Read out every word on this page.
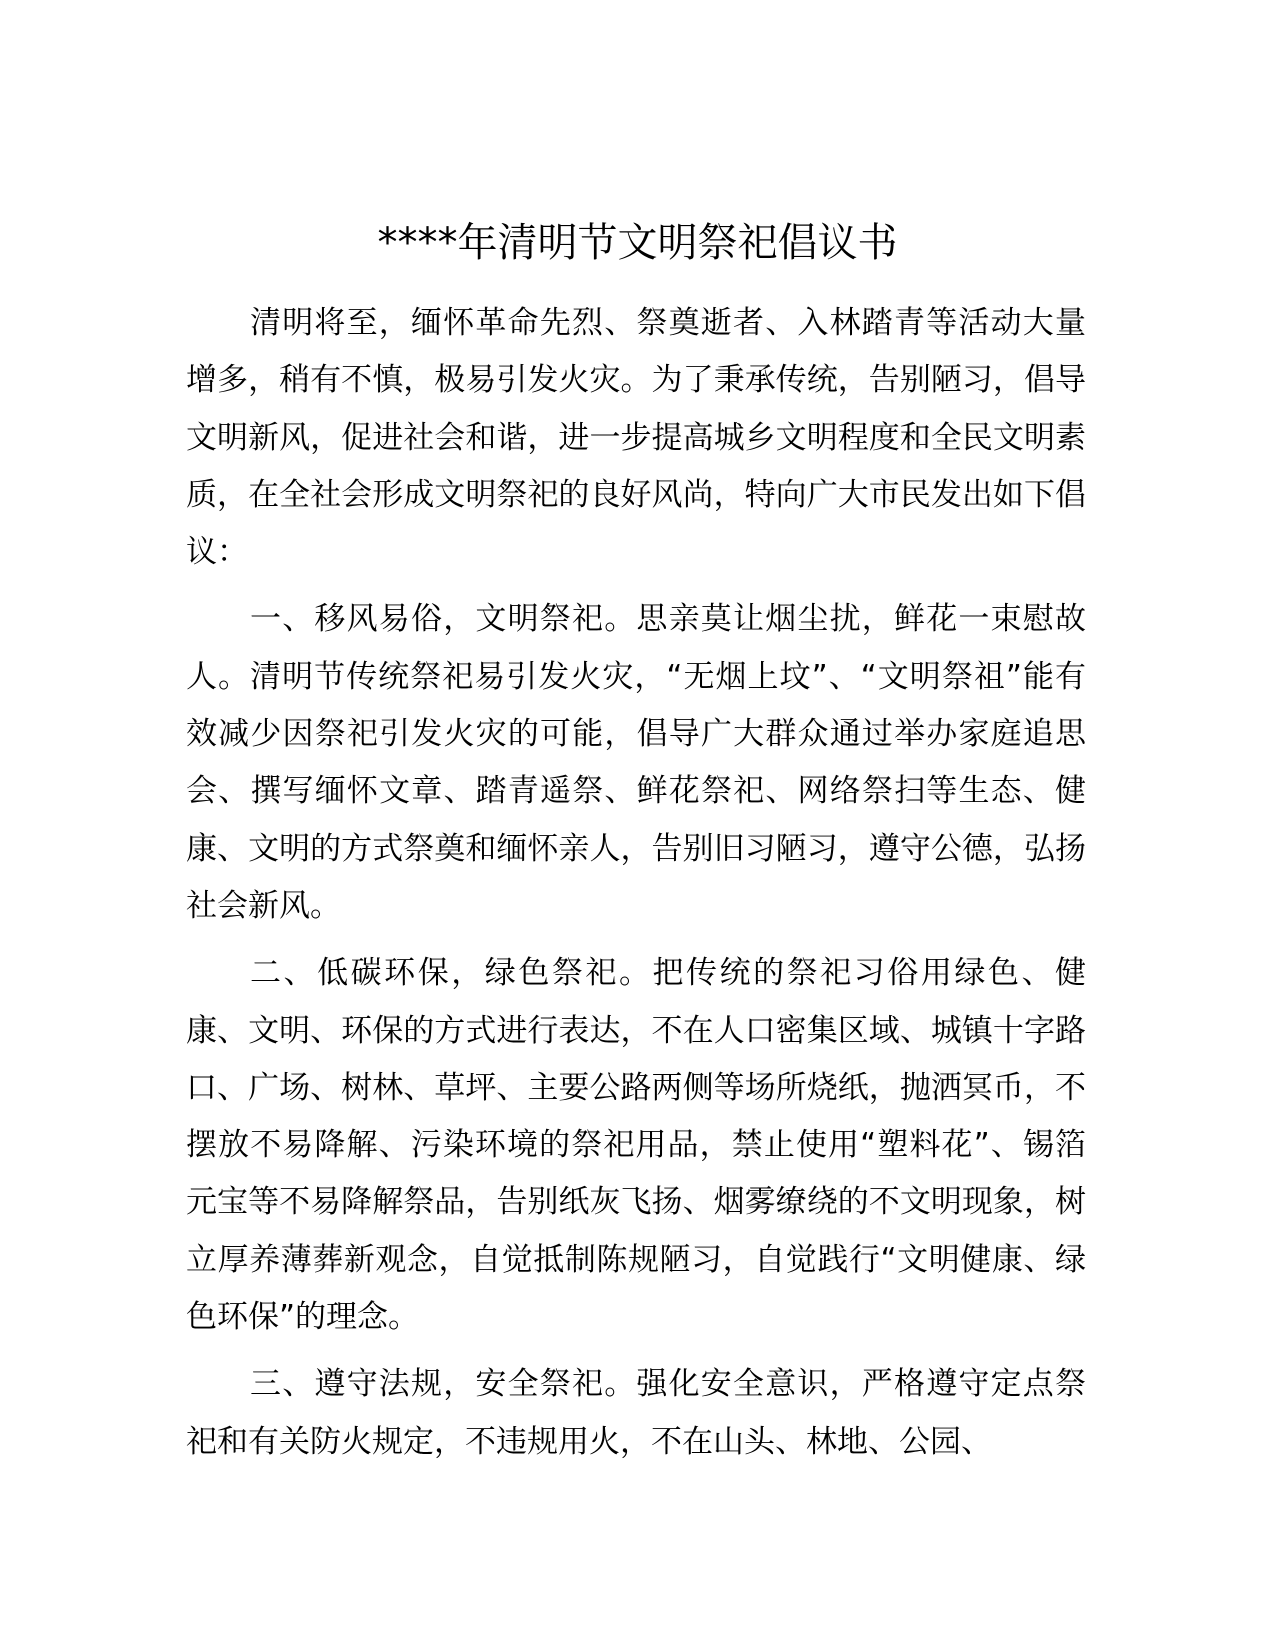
****年清明节文明祭祀倡议书

清明将至，缅怀革命先烈、祭奠逝者、入林踏青等活动大量增多，稍有不慎，极易引发火灾。为了秉承传统，告别陋习，倡导文明新风，促进社会和谐，进一步提高城乡文明程度和全民文明素质，在全社会形成文明祭祀的良好风尚，特向广大市民发出如下倡议：

一、移风易俗，文明祭祀。思亲莫让烟尘扰，鲜花一束慰故人。清明节传统祭祀易引发火灾，“无烟上坟”、“文明祭祖”能有效减少因祭祀引发火灾的可能，倡导广大群众通过举办家庭追思会、撰写缅怀文章、踏青遥祭、鲜花祭祀、网络祭扫等生态、健康、文明的方式祭奠和缅怀亲人，告别旧习陋习，遵守公德，弘扬社会新风。

二、低碳环保，绿色祭祀。把传统的祭祀习俗用绿色、健康、文明、环保的方式进行表达，不在人口密集区域、城镇十字路口、广场、树林、草坪、主要公路两侧等场所烧纸，抛洒冥币，不摆放不易降解、污染环境的祭祀用品，禁止使用“塑料花”、锡箔元宝等不易降解祭品，告别纸灰飞扬、烟雾缭绕的不文明现象，树立厚养薄葬新观念，自觉抵制陈规陋习，自觉践行“文明健康、绿色环保”的理念。

三、遵守法规，安全祭祀。强化安全意识，严格遵守定点祭祀和有关防火规定，不违规用火，不在山头、林地、公园、
